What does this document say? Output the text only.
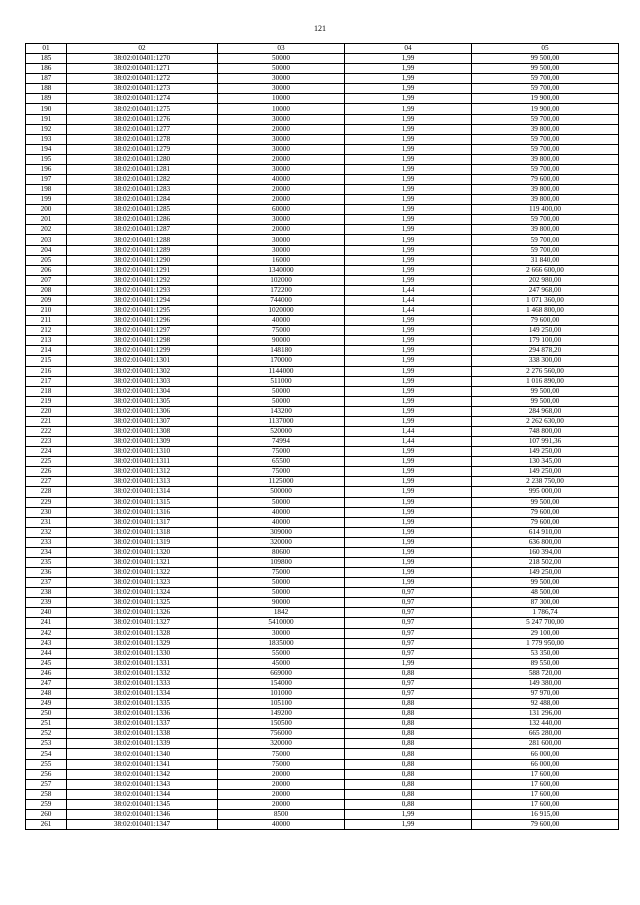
121
01	02	03	04	05
185	38:02:010401:1270	50000	1,99	99 500,00
186	38:02:010401:1271	50000	1,99	99 500,00
187	38:02:010401:1272	30000	1,99	59 700,00
188	38:02:010401:1273	30000	1,99	59 700,00
189	38:02:010401:1274	10000	1,99	19 900,00
190	38:02:010401:1275	10000	1,99	19 900,00
191	38:02:010401:1276	30000	1,99	59 700,00
192	38:02:010401:1277	20000	1,99	39 800,00
193	38:02:010401:1278	30000	1,99	59 700,00
194	38:02:010401:1279	30000	1,99	59 700,00
195	38:02:010401:1280	20000	1,99	39 800,00
196	38:02:010401:1281	30000	1,99	59 700,00
197	38:02:010401:1282	40000	1,99	79 600,00
198	38:02:010401:1283	20000	1,99	39 800,00
199	38:02:010401:1284	20000	1,99	39 800,00
200	38:02:010401:1285	60000	1,99	119 400,00
201	38:02:010401:1286	30000	1,99	59 700,00
202	38:02:010401:1287	20000	1,99	39 800,00
203	38:02:010401:1288	30000	1,99	59 700,00
204	38:02:010401:1289	30000	1,99	59 700,00
205	38:02:010401:1290	16000	1,99	31 840,00
206	38:02:010401:1291	1340000	1,99	2 666 600,00
207	38:02:010401:1292	102000	1,99	202 980,00
208	38:02:010401:1293	172200	1,44	247 968,00
209	38:02:010401:1294	744000	1,44	1 071 360,00
210	38:02:010401:1295	1020000	1,44	1 468 800,00
211	38:02:010401:1296	40000	1,99	79 600,00
212	38:02:010401:1297	75000	1,99	149 250,00
213	38:02:010401:1298	90000	1,99	179 100,00
214	38:02:010401:1299	148180	1,99	294 878,20
215	38:02:010401:1301	170000	1,99	338 300,00
216	38:02:010401:1302	1144000	1,99	2 276 560,00
217	38:02:010401:1303	511000	1,99	1 016 890,00
218	38:02:010401:1304	50000	1,99	99 500,00
219	38:02:010401:1305	50000	1,99	99 500,00
220	38:02:010401:1306	143200	1,99	284 968,00
221	38:02:010401:1307	1137000	1,99	2 262 630,00
222	38:02:010401:1308	520000	1,44	748 800,00
223	38:02:010401:1309	74994	1,44	107 991,36
224	38:02:010401:1310	75000	1,99	149 250,00
225	38:02:010401:1311	65500	1,99	130 345,00
226	38:02:010401:1312	75000	1,99	149 250,00
227	38:02:010401:1313	1125000	1,99	2 238 750,00
228	38:02:010401:1314	500000	1,99	995 000,00
229	38:02:010401:1315	50000	1,99	99 500,00
230	38:02:010401:1316	40000	1,99	79 600,00
231	38:02:010401:1317	40000	1,99	79 600,00
232	38:02:010401:1318	309000	1,99	614 910,00
233	38:02:010401:1319	320000	1,99	636 800,00
234	38:02:010401:1320	80600	1,99	160 394,00
235	38:02:010401:1321	109800	1,99	218 502,00
236	38:02:010401:1322	75000	1,99	149 250,00
237	38:02:010401:1323	50000	1,99	99 500,00
238	38:02:010401:1324	50000	0,97	48 500,00
239	38:02:010401:1325	90000	0,97	87 300,00
240	38:02:010401:1326	1842	0,97	1 786,74
241	38:02:010401:1327	5410000	0,97	5 247 700,00
242	38:02:010401:1328	30000	0,97	29 100,00
243	38:02:010401:1329	1835000	0,97	1 779 950,00
244	38:02:010401:1330	55000	0,97	53 350,00
245	38:02:010401:1331	45000	1,99	89 550,00
246	38:02:010401:1332	669000	0,88	588 720,00
247	38:02:010401:1333	154000	0,97	149 380,00
248	38:02:010401:1334	101000	0,97	97 970,00
249	38:02:010401:1335	105100	0,88	92 488,00
250	38:02:010401:1336	149200	0,88	131 296,00
251	38:02:010401:1337	150500	0,88	132 440,00
252	38:02:010401:1338	756000	0,88	665 280,00
253	38:02:010401:1339	320000	0,88	281 600,00
254	38:02:010401:1340	75000	0,88	66 000,00
255	38:02:010401:1341	75000	0,88	66 000,00
256	38:02:010401:1342	20000	0,88	17 600,00
257	38:02:010401:1343	20000	0,88	17 600,00
258	38:02:010401:1344	20000	0,88	17 600,00
259	38:02:010401:1345	20000	0,88	17 600,00
260	38:02:010401:1346	8500	1,99	16 915,00
261	38:02:010401:1347	40000	1,99	79 600,00
